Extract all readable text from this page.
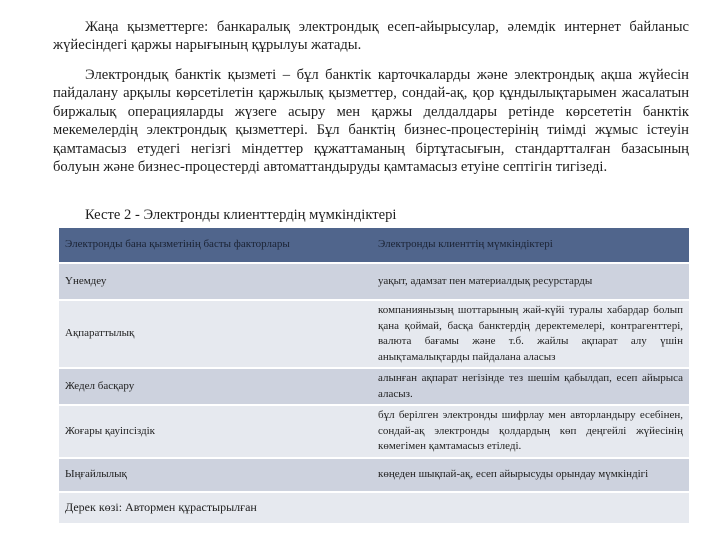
Жаңа қызметтерге: банкаралық электрондық есеп-айырысулар, әлемдік интернет байланыс жүйесіндегі қаржы нарығының құрылуы жатады.

Электрондық банктік қызметі – бұл банктік карточкаларды және электрондық ақша жүйесін пайдалану арқылы көрсетілетін қаржылық қызметтер, сондай-ақ, қор құндылықтарымен жасалатын биржалық операцияларды жүзеге асыру мен қаржы делдалдары ретінде көрсететін банктік мекемелердің электрондық қызметтері. Бұл банктің бизнес-процестерінің тиімді жұмыс істеуін қамтамасыз етудегі негізгі міндеттер құжаттаманың біртұтасығын, стандартталған базасының болуын және бизнес-процестерді автоматтандыруды қамтамасыз етуіне септігін тигізеді.

Кесте 2 - Электронды клиенттердің мүмкіндіктері

Электронды бана қызметінің басты факторлары	Электронды клиенттің мүмкіндіктері
Үнемдеу	уақыт, адамзат пен материалдық ресурстарды
Ақпараттылық	компаниянызың шоттарының жай-күйі туралы хабардар болып қана қоймай, басқа банктердің деректемелері, контрагенттері, валюта бағамы және т.б. жайлы ақпарат алу үшін анықтамалықтарды пайдалана аласыз
Жедел басқару	алынған ақпарат негізінде тез шешім қабылдап, есеп айырыса аласыз.
Жоғары қауіпсіздік	бұл берілген электронды шифрлау мен авторландыру есебінен, сондай-ақ электронды қолдардың көп деңгейлі жүйесінің көмегімен қамтамасыз етіледі.
Ыңғайлылық	көңеден шықпай-ақ, есеп айырысуды орындау мүмкіндігі
Дерек көзі: Автормен құрастырылған	
